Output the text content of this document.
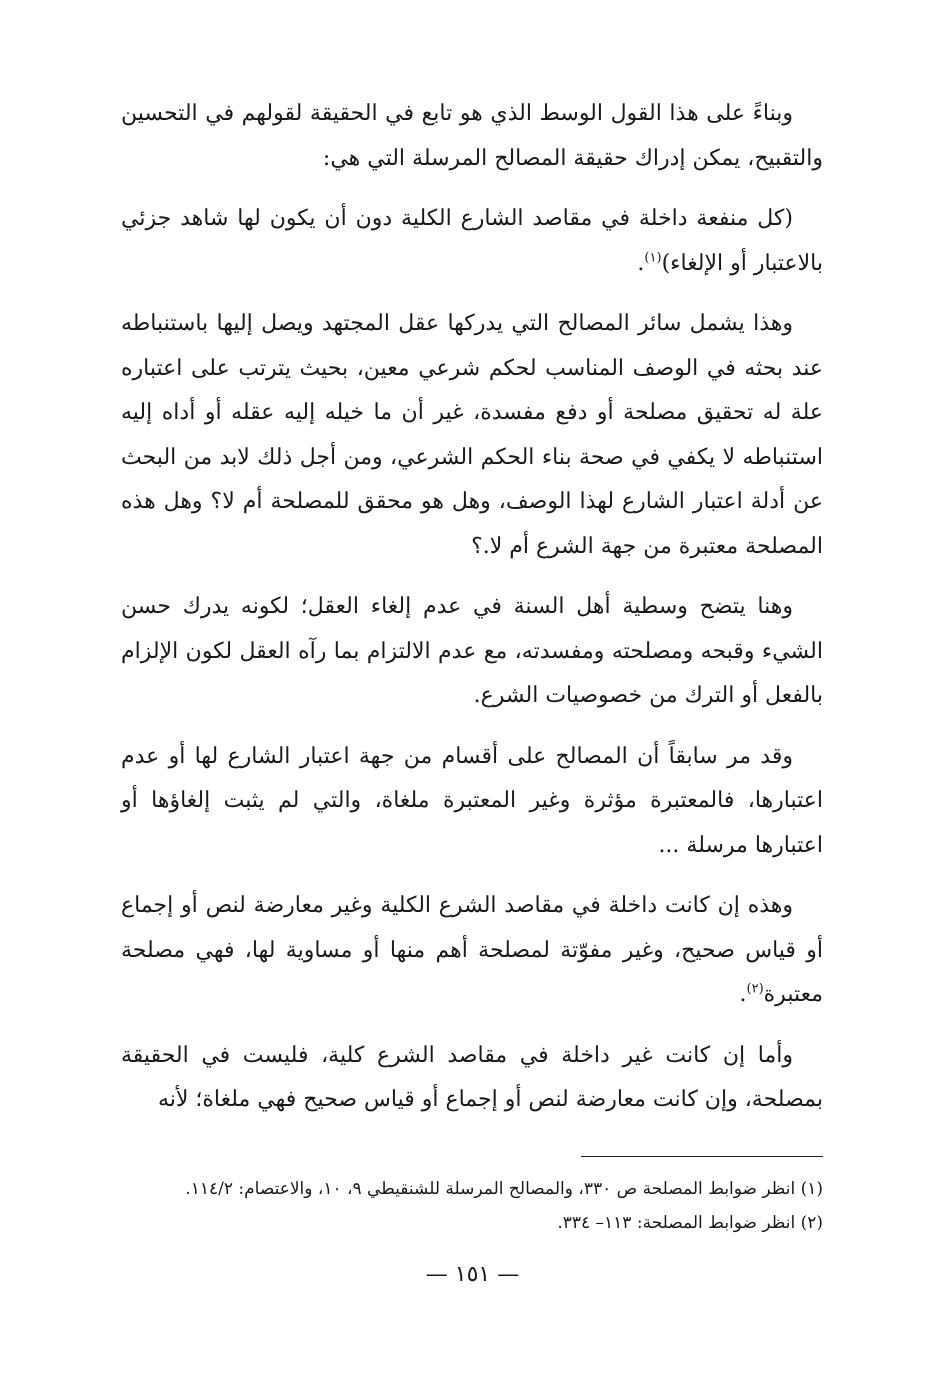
وبناءً على هذا القول الوسط الذي هو تابع في الحقيقة لقولهم في التحسين والتقبيح، يمكن إدراك حقيقة المصالح المرسلة التي هي:

(كل منفعة داخلة في مقاصد الشارع الكلية دون أن يكون لها شاهد جزئي بالاعتبار أو الإلغاء)$^{(١)}$.

وهذا يشمل سائر المصالح التي يدركها عقل المجتهد ويصل إليها باستنباطه عند بحثه في الوصف المناسب لحكم شرعي معين، بحيث يترتب على اعتباره علة له تحقيق مصلحة أو دفع مفسدة، غير أن ما خيله إليه عقله أو أداه إليه استنباطه لا يكفي في صحة بناء الحكم الشرعي، ومن أجل ذلك لابد من البحث عن أدلة اعتبار الشارع لهذا الوصف، وهل هو محقق للمصلحة أم لا؟ وهل هذه المصلحة معتبرة من جهة الشرع أم لا.؟

وهنا يتضح وسطية أهل السنة في عدم إلغاء العقل؛ لكونه يدرك حسن الشيء وقبحه ومصلحته ومفسدته، مع عدم الالتزام بما رآه العقل لكون الإلزام بالفعل أو الترك من خصوصيات الشرع.

وقد مر سابقاً أن المصالح على أقسام من جهة اعتبار الشارع لها أو عدم اعتبارها، فالمعتبرة مؤثرة وغير المعتبرة ملغاة، والتي لم يثبت إلغاؤها أو اعتبارها مرسلة ...

وهذه إن كانت داخلة في مقاصد الشرع الكلية وغير معارضة لنص أو إجماع أو قياس صحيح، وغير مفوّتة لمصلحة أهم منها أو مساوية لها، فهي مصلحة معتبرة$^{(٢)}$.

وأما إن كانت غير داخلة في مقاصد الشرع كلية، فليست في الحقيقة بمصلحة، وإن كانت معارضة لنص أو إجماع أو قياس صحيح فهي ملغاة؛ لأنه

(١) انظر ضوابط المصلحة ص ٣٣٠، والمصالح المرسلة للشنقيطي ٩، ١٠، والاعتصام: ١١٤/٢.

(٢) انظر ضوابط المصلحة: ١١٣– ٣٣٤.

— ١٥١ —
